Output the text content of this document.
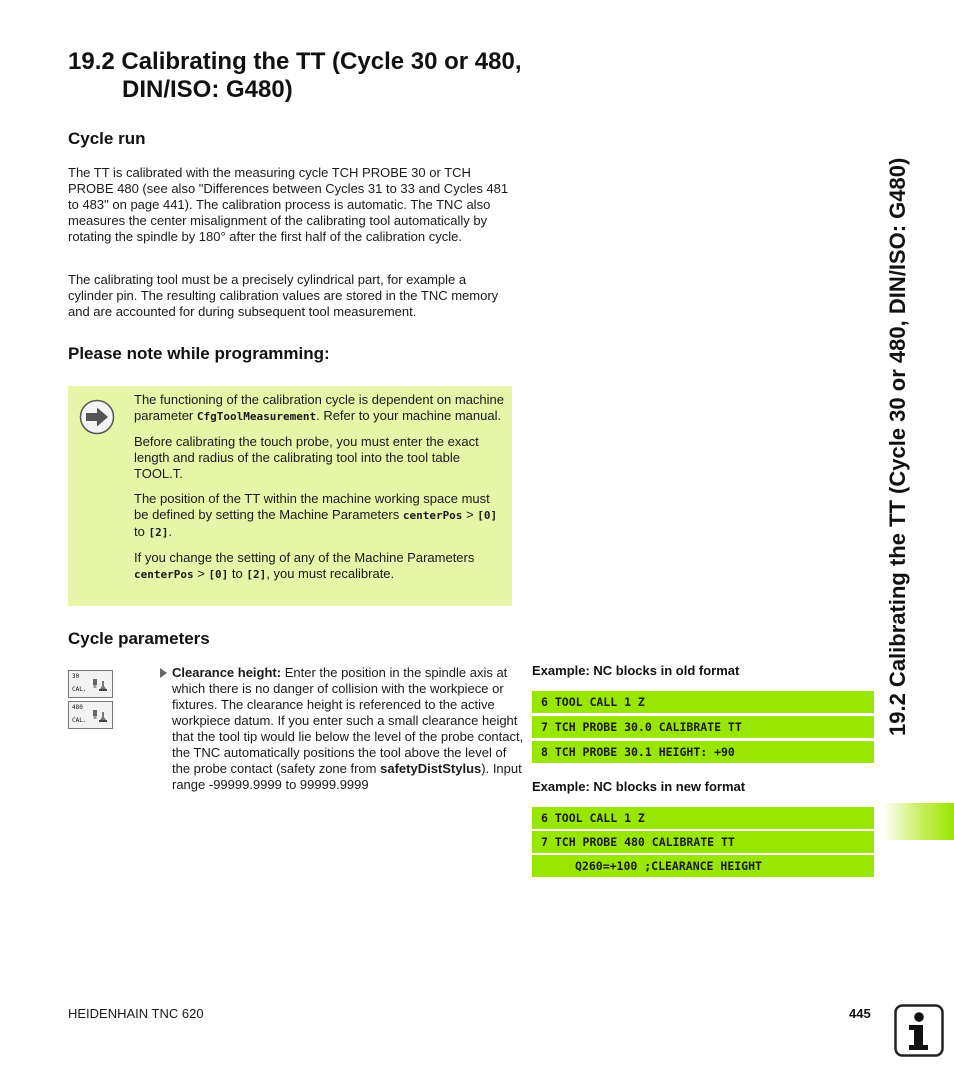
19.2 Calibrating the TT (Cycle 30 or 480,
DIN/ISO: G480)
Cycle run

The TT is calibrated with the measuring cycle TCH PROBE 30 or TCH PROBE 480 (see also "Differences between Cycles 31 to 33 and Cycles 481 to 483" on page 441). The calibration process is automatic. The TNC also measures the center misalignment of the calibrating tool automatically by rotating the spindle by 180° after the first half of the calibration cycle.

The calibrating tool must be a precisely cylindrical part, for example a cylinder pin. The resulting calibration values are stored in the TNC memory and are accounted for during subsequent tool measurement.

Please note while programming:

The functioning of the calibration cycle is dependent on machine parameter CfgToolMeasurement. Refer to your machine manual.

Before calibrating the touch probe, you must enter the exact length and radius of the calibrating tool into the tool table TOOL.T.

The position of the TT within the machine working space must be defined by setting the Machine Parameters centerPos > [0] to [2].

If you change the setting of any of the Machine Parameters centerPos > [0] to [2], you must recalibrate.

Cycle parameters
30
CAL.
480
CAL.
Clearance height: Enter the position in the spindle axis at which there is no danger of collision with the workpiece or fixtures. The clearance height is referenced to the active workpiece datum. If you enter such a small clearance height that the tool tip would lie below the level of the probe contact, the TNC automatically positions the tool above the level of the probe contact (safety zone from safetyDistStylus). Input range -99999.9999 to 99999.9999
Example: NC blocks in old format
6 TOOL CALL 1 Z
7 TCH PROBE 30.0 CALIBRATE TT
8 TCH PROBE 30.1 HEIGHT: +90
Example: NC blocks in new format
6 TOOL CALL 1 Z
7 TCH PROBE 480 CALIBRATE TT
Q260=+100 ;CLEARANCE HEIGHT
19.2 Calibrating the TT (Cycle 30 or 480, DIN/ISO: G480)
HEIDENHAIN TNC 620	445
